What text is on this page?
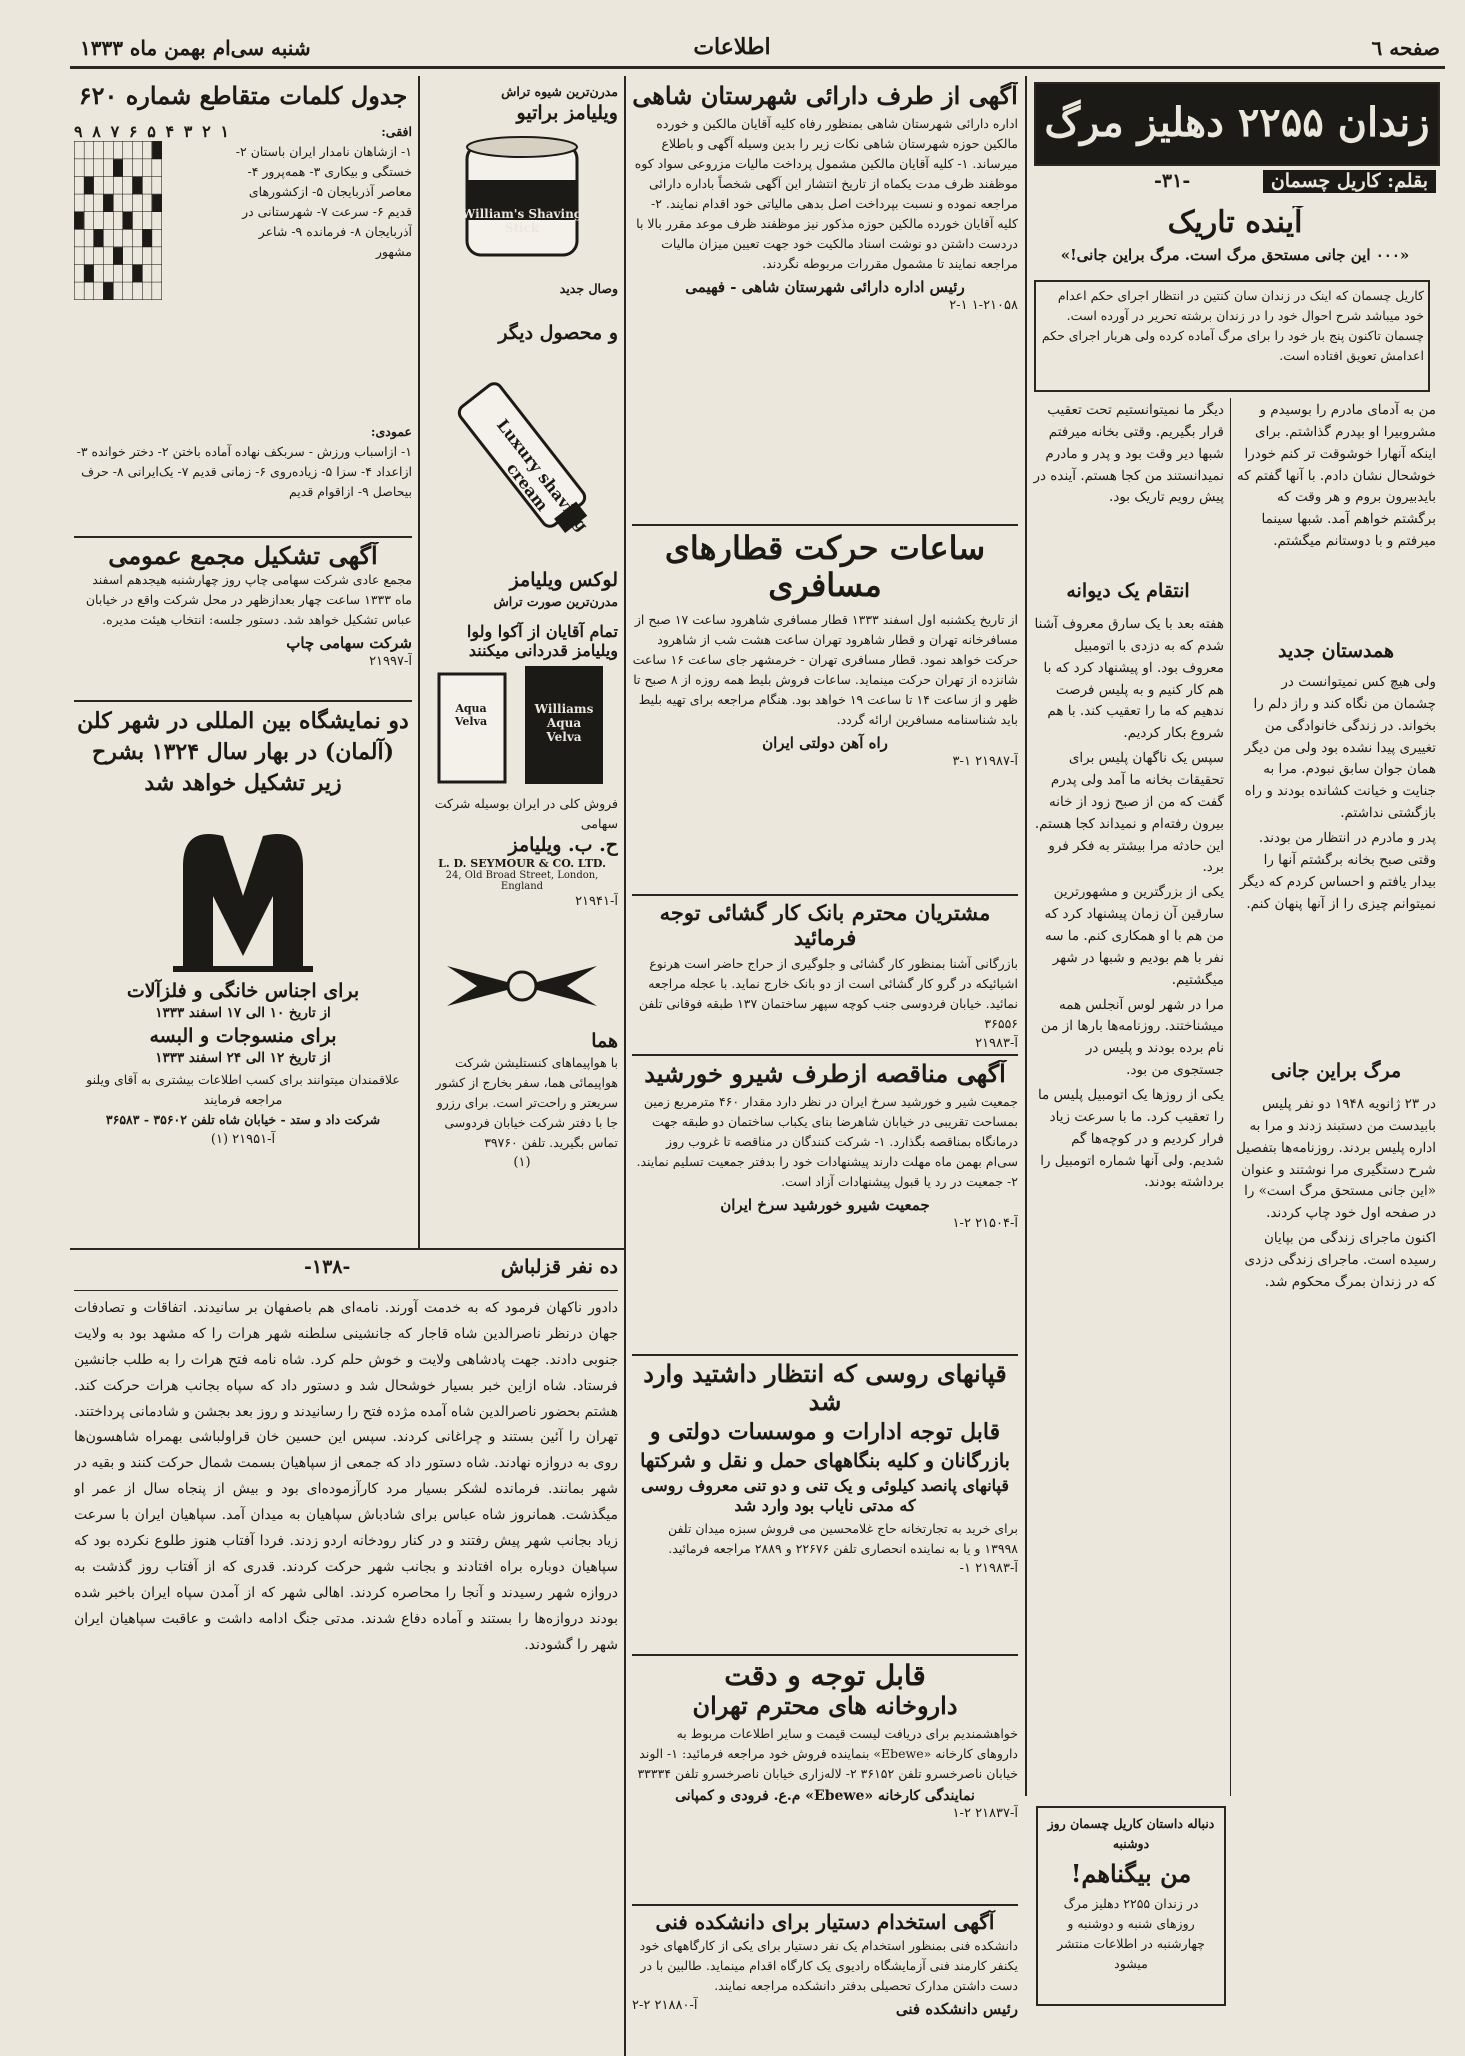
صفحه ٦
اطلاعات
شنبه سی‌ام بهمن ماه ۱۳۳۳
زندان ۲۲۵۵ دهلیز مرگ
بقلم: کاریل چسمان
-۳۱-
آینده تاریک
«۰۰۰ این جانی مستحق مرگ است. مرگ براین جانی!»
کاریل چسمان که اینک در زندان سان کنتین در انتظار اجرای حکم اعدام خود میباشد شرح احوال خود را در زندان برشته تحریر در آورده است. چسمان تاکنون پنج بار خود را برای مرگ آماده کرده ولی هربار اجرای حکم اعدامش تعویق افتاده است.
من به آدمای مادرم را بوسیدم و مشروبیرا او بپدرم گذاشتم. برای اینکه آنهارا خوشوقت تر کنم خودرا خوشحال نشان دادم. با آنها گفتم که بایدبیرون بروم و هر وقت که برگشتم خواهم آمد. شبها سینما میرفتم و با دوستانم میگشتم.
همدستان جدید
ولی هیچ کس نمیتوانست در چشمان من نگاه کند و راز دلم را بخواند. در زندگی خانوادگی من تغییری پیدا نشده بود ولی من دیگر همان جوان سابق نبودم. مرا به جنایت و خیانت کشانده بودند و راه بازگشتی نداشتم.
پدر و مادرم در انتظار من بودند. وقتی صبح بخانه برگشتم آنها را بیدار یافتم و احساس کردم که دیگر نمیتوانم چیزی را از آنها پنهان کنم.
مرگ براین جانی
در ۲۳ ژانویه ۱۹۴۸ دو نفر پلیس بابیدست من دستبند زدند و مرا به اداره پلیس بردند. روزنامه‌ها بتفصیل شرح دستگیری مرا نوشتند و عنوان «این جانی مستحق مرگ است» را در صفحه اول خود چاپ کردند.
اکنون ماجرای زندگی من بپایان رسیده است. ماجرای زندگی دزدی که در زندان بمرگ محکوم شد.
دیگر ما نمیتوانستیم تحت تعقیب قرار بگیریم. وقتی بخانه میرفتم شبها دیر وقت بود و پدر و مادرم نمیدانستند من کجا هستم. آینده در پیش رویم تاریک بود.
انتقام یک دیوانه
هفته بعد با یک سارق معروف آشنا شدم که به دزدی با اتومبیل معروف بود. او پیشنهاد کرد که با هم کار کنیم و به پلیس فرصت ندهیم که ما را تعقیب کند. با هم شروع بکار کردیم.
سپس یک ناگهان پلیس برای تحقیقات بخانه ما آمد ولی پدرم گفت که من از صبح زود از خانه بیرون رفته‌ام و نمیداند کجا هستم. این حادثه مرا بیشتر به فکر فرو برد.
یکی از بزرگترین و مشهورترین سارقین آن زمان پیشنهاد کرد که من هم با او همکاری کنم. ما سه نفر با هم بودیم و شبها در شهر میگشتیم.
مرا در شهر لوس آنجلس همه میشناختند. روزنامه‌ها بارها از من نام برده بودند و پلیس در جستجوی من بود.
یکی از روزها یک اتومبیل پلیس ما را تعقیب کرد. ما با سرعت زیاد فرار کردیم و در کوچه‌ها گم شدیم. ولی آنها شماره اتومبیل را برداشته بودند.
دنباله داستان کاریل چسمان روز دوشنبه
من بیگناهم!
در زندان ۲۲۵۵ دهلیز مرگ روزهای شنبه و دوشنبه و چهارشنبه در اطلاعات منتشر میشود
آگهی از طرف دارائی شهرستان شاهی
اداره دارائی شهرستان شاهی بمنظور رفاه کلیه آقایان مالکین و خورده مالکین حوزه شهرستان شاهی نکات زیر را بدین وسیله آگهی و باطلاع میرساند. ۱- کلیه آقایان مالکین مشمول پرداخت مالیات مزروعی سواد کوه موظفند ظرف مدت یکماه از تاریخ انتشار این آگهی شخصاً باداره دارائی مراجعه نموده و نسبت بپرداخت اصل بدهی مالیاتی خود اقدام نمایند. ۲- کلیه آقایان خورده مالکین حوزه مذکور نیز موظفند ظرف موعد مقرر بالا با دردست داشتن دو نوشت اسناد مالکیت خود جهت تعیین میزان مالیات مراجعه نمایند تا مشمول مقررات مربوطه نگردند.
رئیس اداره دارائی شهرستان شاهی - فهیمی
۱-۲۱۰۵۸ ۲-۱
ساعات حرکت قطارهای مسافری
از تاریخ یکشنبه اول اسفند ۱۳۳۳ قطار مسافری شاهرود ساعت ۱۷ صبح از مسافرخانه تهران و قطار شاهرود تهران ساعت هشت شب از شاهرود حرکت خواهد نمود. قطار مسافری تهران - خرمشهر جای ساعت ۱۶ ساعت شانزده از تهران حرکت مینماید. ساعات فروش بلیط همه روزه از ۸ صبح تا ظهر و از ساعت ۱۴ تا ساعت ۱۹ خواهد بود. هنگام مراجعه برای تهیه بلیط باید شناسنامه مسافرین ارائه گردد.
راه آهن دولتی ایران
آ-۲۱۹۸۷ ۱-۳
مشتریان محترم بانک کار گشائی توجه فرمائید
بازرگانی آشنا بمنظور کار گشائی و جلوگیری از حراج حاضر است هرنوع اشیائیکه در گرو کار گشائی است از دو بانک خارج نماید. با عجله مراجعه نمائید. خیابان فردوسی جنب کوچه سپهر ساختمان ۱۳۷ طبقه فوقانی تلفن ۳۶۵۵۶
آ-۲۱۹۸۳
آگهی مناقصه ازطرف شیرو خورشید
جمعیت شیر و خورشید سرخ ایران در نظر دارد مقدار ۴۶۰ مترمربع زمین بمساحت تقریبی در خیابان شاهرضا بنای یکباب ساختمان دو طبقه جهت درمانگاه بمناقصه بگذارد. ۱- شرکت کنندگان در مناقصه تا غروب روز سی‌ام بهمن ماه مهلت دارند پیشنهادات خود را بدفتر جمعیت تسلیم نمایند. ۲- جمعیت در رد یا قبول پیشنهادات آزاد است.
جمعیت شیرو خورشید سرخ ایران
آ-۲۱۵۰۴ ۲-۱
قپانهای روسی که انتظار داشتید وارد شد
قابل توجه ادارات و موسسات دولتی و
بازرگانان و کلیه بنگاههای حمل و نقل و شرکتها
قپانهای پانصد کیلوئی و یک تنی و دو تنی معروف روسی که مدتی نایاب بود وارد شد
برای خرید به تجارتخانه حاج غلامحسین می فروش سبزه میدان تلفن ۱۳۹۹۸ و یا به نماینده انحصاری تلفن ۲۲۶۷۶ و ۲۸۸۹ مراجعه فرمائید.
آ-۲۱۹۸۳ ۱-
قابل توجه و دقت
داروخانه های محترم تهران
خواهشمندیم برای دریافت لیست قیمت و سایر اطلاعات مربوط به داروهای کارخانه «Ebewe» بنماینده فروش خود مراجعه فرمائید: ۱- الوند خیابان ناصرخسرو تلفن ۳۶۱۵۲ ۲- لاله‌زاری خیابان ناصرخسرو تلفن ۳۳۳۳۴
نمایندگی کارخانه «Ebewe» م.ع. فرودی و کمپانی
آ-۲۱۸۳۷ ۲-۱
آگهی استخدام دستیار برای دانشکده فنی
دانشکده فنی بمنظور استخدام یک نفر دستیار برای یکی از کارگاههای خود یکنفر کارمند فنی آزمایشگاه رادیوی یک کارگاه اقدام مینماید. طالبین با در دست داشتن مدارک تحصیلی بدفتر دانشکده مراجعه نمایند.
رئیس دانشکده فنی
آ-۲۱۸۸۰ ۲-۲
مدرن‌ترین شیوه تراش
ویلیامز براتیو
William's Shaving Stick
وصال جدید
و محصول دیگر
Luxury shaving cream
لوکس ویلیامز
مدرن‌ترین صورت تراش
تمام آقایان از آکوا ولوا ویلیامز قدردانی میکنند
Aqua Velva
Williams Aqua Velva
فروش کلی در ایران بوسیله شرکت سهامی
ح. ب. ویلیامز
L. D. SEYMOUR & CO. LTD.
24, Old Broad Street, London, England
آ-۲۱۹۴۱
هما
با هواپیماهای کنستلیشن شرکت هواپیمائی هما، سفر بخارج از کشور سریعتر و راحت‌تر است. برای رزرو جا با دفتر شرکت خیابان فردوسی تماس بگیرید. تلفن ۳۹۷۶۰
(۱)
جدول کلمات متقاطع شماره ۶۲۰
افقی:
۱- ازشاهان نامدار ایران باستان ۲- خستگی و بیکاری ۳- همه‌پرور ۴- معاصر آذربایجان ۵- ازکشورهای قدیم ۶- سرعت ۷- شهرستانی در آذربایجان ۸- فرمانده ۹- شاعر مشهور
۱
۲
۳
۴
۵
۶
۷
۸
۹

عمودی:
۱- ازاسباب ورزش - سربکف نهاده آماده باختن ۲- دختر خوانده ۳- ازاعداد ۴- سزا ۵- زیاده‌روی ۶- زمانی قدیم ۷- یک‌ایرانی ۸- حرف بیحاصل ۹- ازاقوام قدیم
آگهی تشکیل مجمع عمومی
مجمع عادی شرکت سهامی چاپ روز چهارشنبه هیجدهم اسفند ماه ۱۳۳۳ ساعت چهار بعدازظهر در محل شرکت واقع در خیابان عباس تشکیل خواهد شد. دستور جلسه: انتخاب هیئت مدیره.
شرکت سهامی چاپ
آ-۲۱۹۹۷
دو نمایشگاه بین المللی در شهر کلن (آلمان) در بهار سال ۱۳۲۴ بشرح زیر تشکیل خواهد شد
برای اجناس خانگی و فلزآلات
از تاریخ ۱۰ الی ۱۷ اسفند ۱۳۳۳
برای منسوجات و البسه
از تاریخ ۱۲ الی ۲۴ اسفند ۱۳۳۳
علاقمندان میتوانند برای کسب اطلاعات بیشتری به آقای ویلنو مراجعه فرمایند
شرکت داد و ستد - خیابان شاه تلفن ۳۵۶۰۲ - ۳۶۵۸۳
آ-۲۱۹۵۱ (۱)
ده نفر قزلباش
-۱۳۸-
دادور ناکهان فرمود که به خدمت آورند. نامه‌ای هم باصفهان بر سانیدند. اتفاقات و تصادفات جهان درنظر ناصرالدین شاه قاجار که جانشینی سلطنه شهر هرات را که مشهد بود به ولایت جنوبی دادند. جهت پادشاهی ولایت و خوش حلم کرد. شاه نامه فتح هرات را به طلب جانشین فرستاد. شاه ازاین خبر بسیار خوشحال شد و دستور داد که سپاه بجانب هرات حرکت کند. هشتم بحضور ناصرالدین شاه آمده مژده فتح را رسانیدند و روز بعد بجشن و شادمانی پرداختند. تهران را آئین بستند و چراغانی کردند. سپس این حسین خان قراولباشی بهمراه شاهسون‌ها روی به دروازه نهادند. شاه دستور داد که جمعی از سپاهیان بسمت شمال حرکت کنند و بقیه در شهر بمانند. فرمانده لشکر بسیار مرد کارآزموده‌ای بود و بیش از پنجاه سال از عمر او میگذشت. همانروز شاه عباس برای شادباش سپاهیان به میدان آمد. سپاهیان ایران با سرعت زیاد بجانب شهر پیش رفتند و در کنار رودخانه اردو زدند. فردا آفتاب هنوز طلوع نکرده بود که سپاهیان دوباره براه افتادند و بجانب شهر حرکت کردند. قدری که از آفتاب روز گذشت به دروازه شهر رسیدند و آنجا را محاصره کردند. اهالی شهر که از آمدن سپاه ایران باخبر شده بودند دروازه‌ها را بستند و آماده دفاع شدند. مدتی جنگ ادامه داشت و عاقبت سپاهیان ایران شهر را گشودند.
